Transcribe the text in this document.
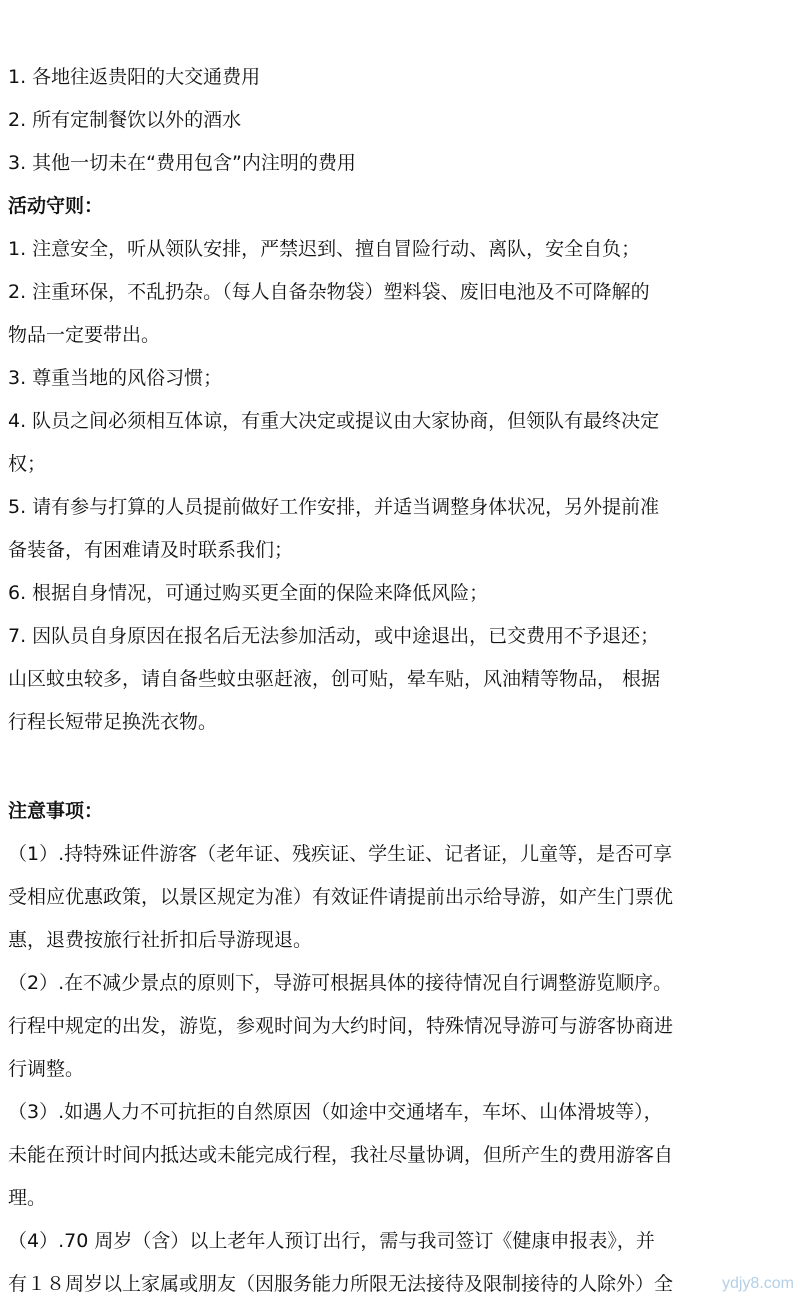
1. 各地往返贵阳的大交通费用
2. 所有定制餐饮以外的酒水
3. 其他一切未在“费用包含”内注明的费用
活动守则：
1. 注意安全，听从领队安排，严禁迟到、擅自冒险行动、离队，安全自负；
2. 注重环保，不乱扔杂。（每人自备杂物袋）塑料袋、废旧电池及不可降解的
物品一定要带出。
3. 尊重当地的风俗习惯；
4. 队员之间必须相互体谅，有重大决定或提议由大家协商，但领队有最终决定
权；
5. 请有参与打算的人员提前做好工作安排，并适当调整身体状况，另外提前准
备装备，有困难请及时联系我们；
6. 根据自身情况，可通过购买更全面的保险来降低风险；
7. 因队员自身原因在报名后无法参加活动，或中途退出，已交费用不予退还；
山区蚊虫较多，请自备些蚊虫驱赶液，创可贴，晕车贴，风油精等物品， 根据
行程长短带足换洗衣物。
注意事项：
（1）.持特殊证件游客（老年证、残疾证、学生证、记者证，儿童等，是否可享
受相应优惠政策，以景区规定为准）有效证件请提前出示给导游，如产生门票优
惠，退费按旅行社折扣后导游现退。
（2）.在不减少景点的原则下，导游可根据具体的接待情况自行调整游览顺序。
行程中规定的出发，游览，参观时间为大约时间，特殊情况导游可与游客协商进
行调整。
（3）.如遇人力不可抗拒的自然原因（如途中交通堵车，车坏、山体滑坡等），
未能在预计时间内抵达或未能完成行程，我社尽量协调，但所产生的费用游客自
理。
（4）.70 周岁（含）以上老年人预订出行，需与我司签订《健康申报表》，并
有１８周岁以上家属或朋友（因服务能力所限无法接待及限制接待的人除外）全	ydjy8.com
